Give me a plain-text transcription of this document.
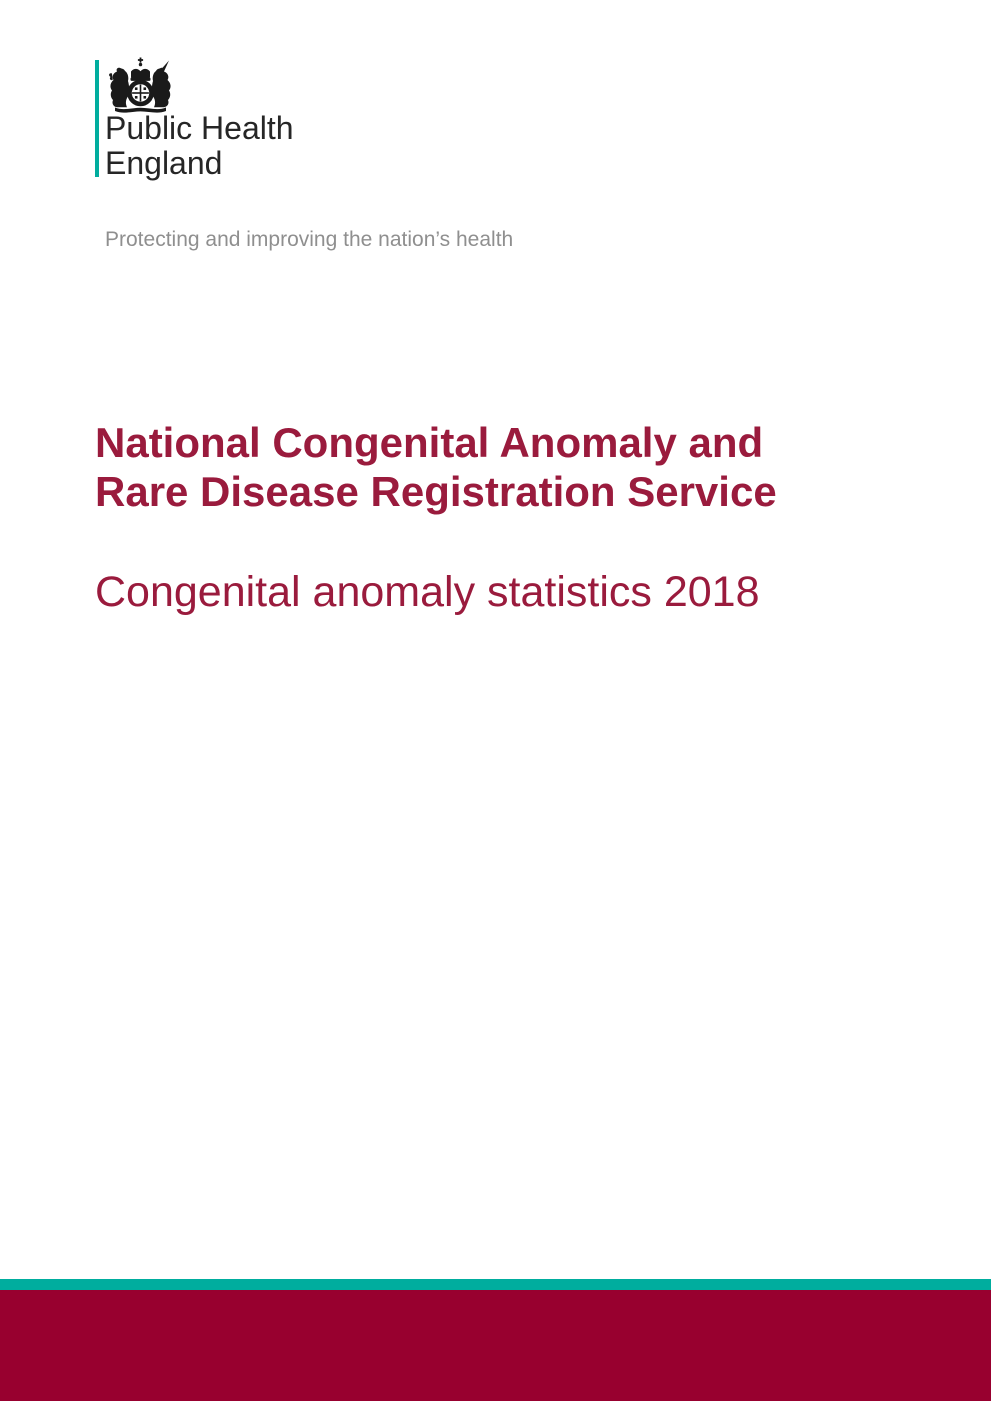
Public Health
England
Protecting and improving the nation’s health
National Congenital Anomaly and
Rare Disease Registration Service
Congenital anomaly statistics 2018
